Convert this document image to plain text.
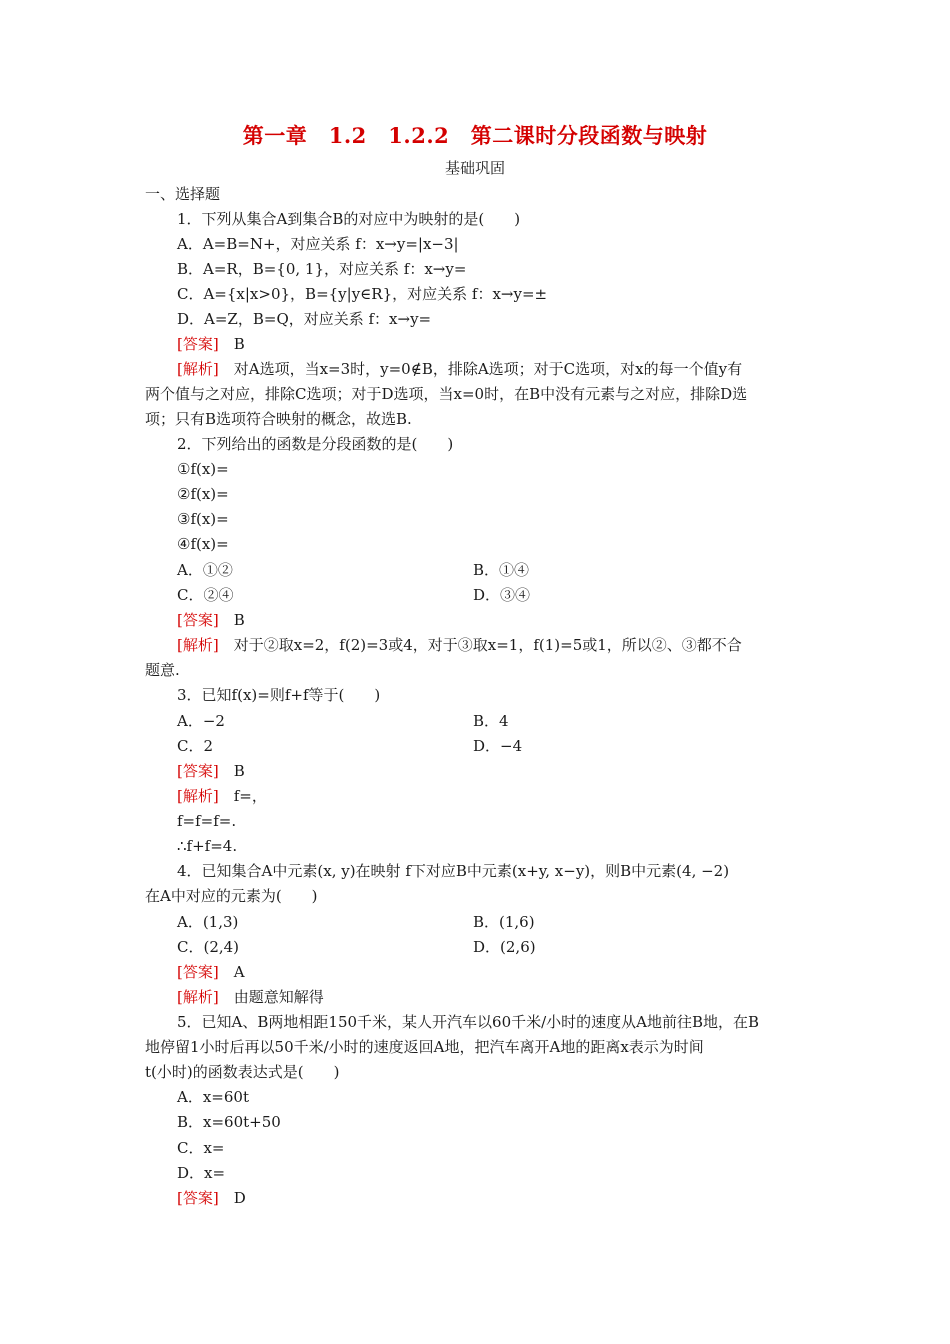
第一章　1.2　1.2.2　第二课时分段函数与映射
基础巩固
一、选择题
1．下列从集合A到集合B的对应中为映射的是(　　)
A．A=B=N+，对应关系 f：x→y=|x−3|
B．A=R，B={0, 1}，对应关系 f：x→y=
C．A={x|x>0}，B={y|y∈R}，对应关系 f：x→y=±
D．A=Z，B=Q，对应关系 f：x→y=
[答案]　 B
[解析]　 对A选项，当x=3时，y=0∉B，排除A选项；对于C选项，对x的每一个值y有
两个值与之对应，排除C选项；对于D选项，当x=0时，在B中没有元素与之对应，排除D选
项；只有B选项符合映射的概念，故选B.
2．下列给出的函数是分段函数的是(　　)
①f(x)=
②f(x)=
③f(x)=
④f(x)=
A．①②	B．①④
C．②④	D．③④
[答案]　 B
[解析]　 对于②取x=2，f(2)=3或4，对于③取x=1，f(1)=5或1，所以②、③都不合
题意.
3．已知f(x)=则f+f等于(　　)
A．−2	B．4
C．2	D．−4
[答案]　 B
[解析]　 f=，
f=f=f=.
∴f+f=4.
4．已知集合A中元素(x, y)在映射 f下对应B中元素(x+y, x−y)，则B中元素(4, −2)
在A中对应的元素为(　　)
A．(1,3)	B．(1,6)
C．(2,4)	D．(2,6)
[答案]　 A
[解析]　 由题意知解得
5．已知A、B两地相距150千米，某人开汽车以60千米/小时的速度从A地前往B地，在B
地停留1小时后再以50千米/小时的速度返回A地，把汽车离开A地的距离x表示为时间
t(小时)的函数表达式是(　　)
A．x=60t
B．x=60t+50
C．x=
D．x=
[答案]　 D
